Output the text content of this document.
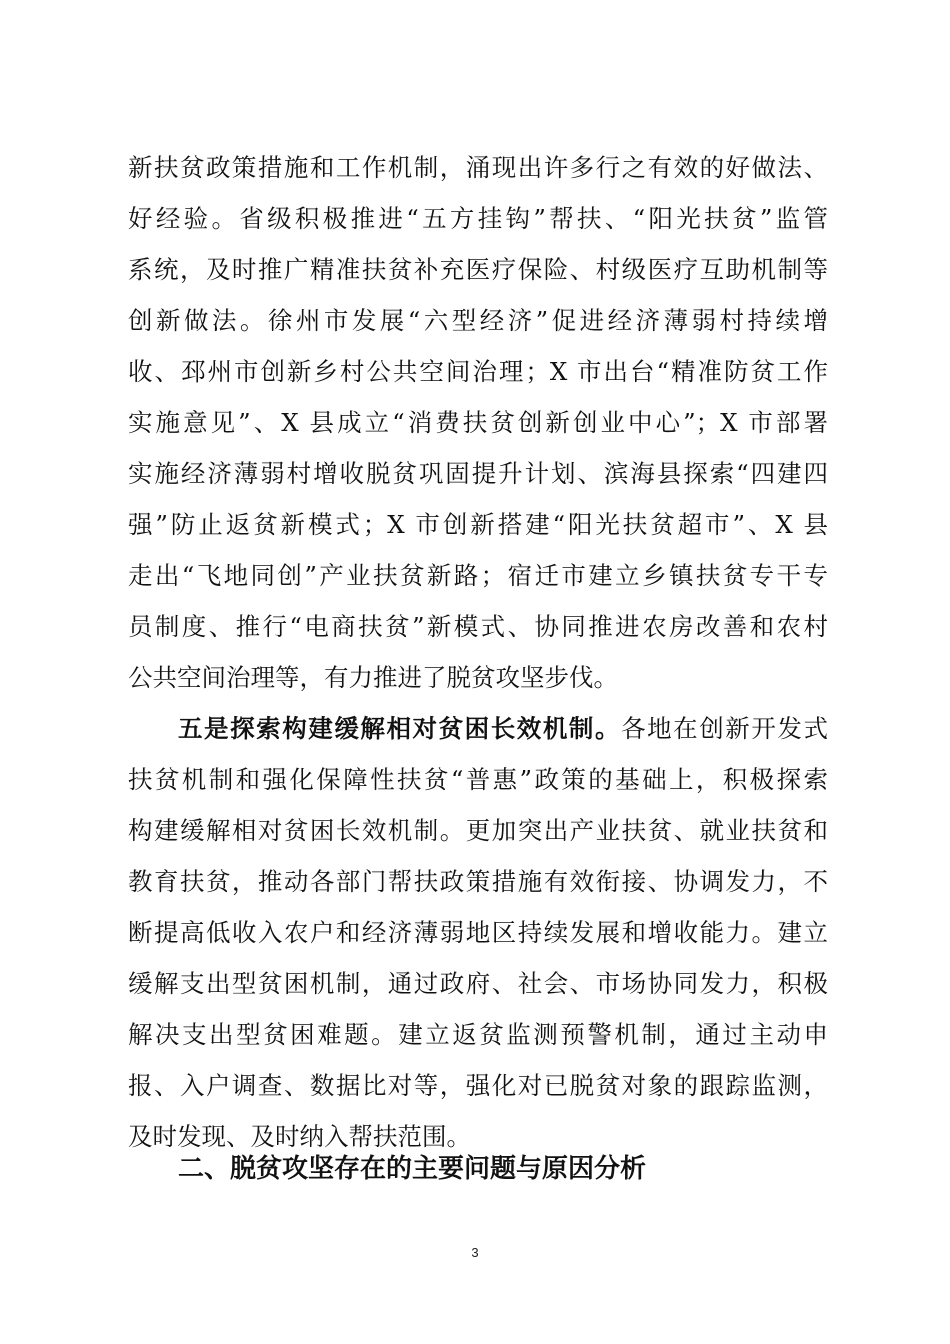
新扶贫政策措施和工作机制，涌现出许多行之有效的好做法、
好经验。省级积极推进“五方挂钩”帮扶、“阳光扶贫”监管
系统，及时推广精准扶贫补充医疗保险、村级医疗互助机制等
创新做法。徐州市发展“六型经济”促进经济薄弱村持续增
收、邳州市创新乡村公共空间治理；X 市出台“精准防贫工作
实施意见”、X 县成立“消费扶贫创新创业中心”；X 市部署
实施经济薄弱村增收脱贫巩固提升计划、滨海县探索“四建四
强”防止返贫新模式；X 市创新搭建“阳光扶贫超市”、X 县
走出“飞地同创”产业扶贫新路；宿迁市建立乡镇扶贫专干专
员制度、推行“电商扶贫”新模式、协同推进农房改善和农村
公共空间治理等，有力推进了脱贫攻坚步伐。
五是探索构建缓解相对贫困长效机制。各地在创新开发式
扶贫机制和强化保障性扶贫“普惠”政策的基础上，积极探索
构建缓解相对贫困长效机制。更加突出产业扶贫、就业扶贫和
教育扶贫，推动各部门帮扶政策措施有效衔接、协调发力，不
断提高低收入农户和经济薄弱地区持续发展和增收能力。建立
缓解支出型贫困机制，通过政府、社会、市场协同发力，积极
解决支出型贫困难题。建立返贫监测预警机制，通过主动申
报、入户调查、数据比对等，强化对已脱贫对象的跟踪监测，
及时发现、及时纳入帮扶范围。
二、脱贫攻坚存在的主要问题与原因分析
3
